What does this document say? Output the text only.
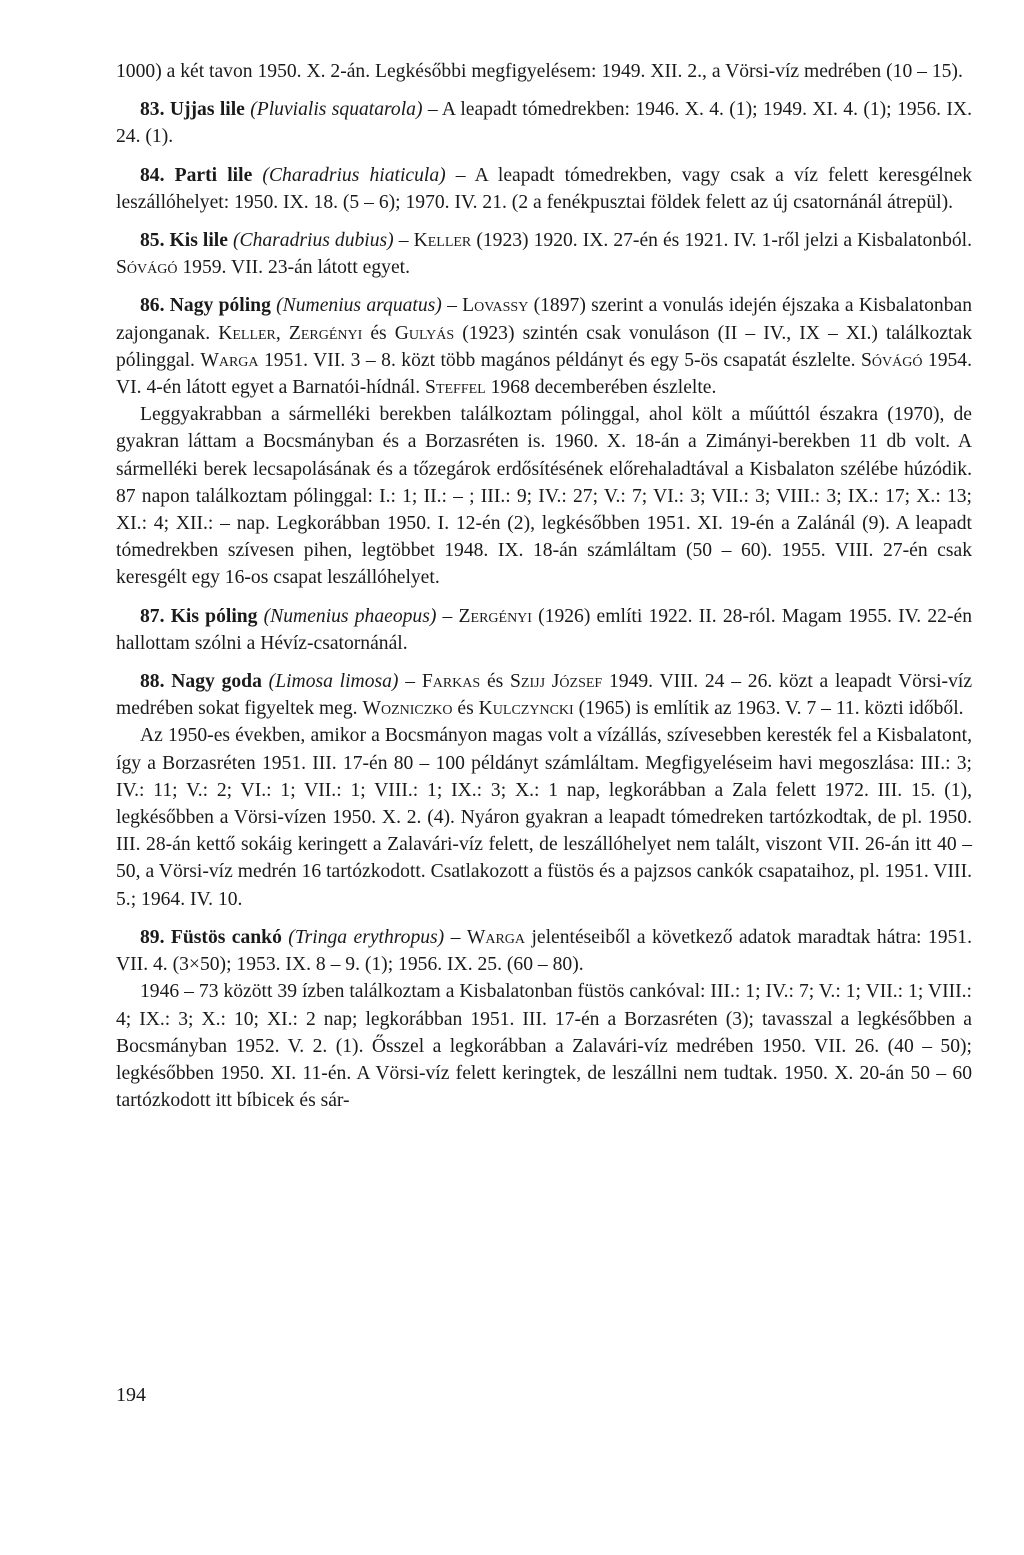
1000) a két tavon 1950. X. 2-án. Legkésőbbi megfigyelésem: 1949. XII. 2., a Vörsi-víz medrében (10 – 15).

83. Ujjas lile (Pluvialis squatarola) – A leapadt tómedrekben: 1946. X. 4. (1); 1949. XI. 4. (1); 1956. IX. 24. (1).

84. Parti lile (Charadrius hiaticula) – A leapadt tómedrekben, vagy csak a víz felett keresgélnek leszállóhelyet: 1950. IX. 18. (5 – 6); 1970. IV. 21. (2 a fenékpusztai földek felett az új csatornánál átrepül).

85. Kis lile (Charadrius dubius) – Keller (1923) 1920. IX. 27-én és 1921. IV. 1-ről jelzi a Kisbalatonból. Sóvágó 1959. VII. 23-án látott egyet.

86. Nagy póling (Numenius arquatus) – Lovassy (1897) szerint a vonulás idején éjszaka a Kisbalatonban zajonganak. Keller, Zergényi és Gulyás (1923) szintén csak vonuláson (II – IV., IX – XI.) találkoztak pólinggal. Warga 1951. VII. 3 – 8. közt több magános példányt és egy 5-ös csapatát észlelte. Sóvágó 1954. VI. 4-én látott egyet a Barnatói-hídnál. Steffel 1968 decemberében észlelte.

Leggyakrabban a sármelléki berekben találkoztam pólinggal, ahol költ a műúttól északra (1970), de gyakran láttam a Bocsmányban és a Borzasréten is. 1960. X. 18-án a Zimányi-berekben 11 db volt. A sármelléki berek lecsapolásának és a tőzegárok erdősítésének előrehaladtával a Kisbalaton szélébe húzódik. 87 napon találkoztam pólinggal: I.: 1; II.: – ; III.: 9; IV.: 27; V.: 7; VI.: 3; VII.: 3; VIII.: 3; IX.: 17; X.: 13; XI.: 4; XII.: – nap. Legkorábban 1950. I. 12-én (2), legkésőbben 1951. XI. 19-én a Zalánál (9). A leapadt tómedrekben szívesen pihen, legtöbbet 1948. IX. 18-án számláltam (50 – 60). 1955. VIII. 27-én csak keresgélt egy 16-os csapat leszállóhelyet.

87. Kis póling (Numenius phaeopus) – Zergényi (1926) említi 1922. II. 28-ról. Magam 1955. IV. 22-én hallottam szólni a Hévíz-csatornánál.

88. Nagy goda (Limosa limosa) – Farkas és Szijj József 1949. VIII. 24 – 26. közt a leapadt Vörsi-víz medrében sokat figyeltek meg. Wozniczko és Kulczyncki (1965) is említik az 1963. V. 7 – 11. közti időből.

Az 1950-es években, amikor a Bocsmányon magas volt a vízállás, szívesebben keresték fel a Kisbalatont, így a Borzasréten 1951. III. 17-én 80 – 100 példányt számláltam. Megfigyeléseim havi megoszlása: III.: 3; IV.: 11; V.: 2; VI.: 1; VII.: 1; VIII.: 1; IX.: 3; X.: 1 nap, legkorábban a Zala felett 1972. III. 15. (1), legkésőbben a Vörsi-vízen 1950. X. 2. (4). Nyáron gyakran a leapadt tómedreken tartózkodtak, de pl. 1950. III. 28-án kettő sokáig keringett a Zalavári-víz felett, de leszállóhelyet nem talált, viszont VII. 26-án itt 40 – 50, a Vörsi-víz medrén 16 tartózkodott. Csatlakozott a füstös és a pajzsos cankók csapataihoz, pl. 1951. VIII. 5.; 1964. IV. 10.

89. Füstös cankó (Tringa erythropus) – Warga jelentéseiből a következő adatok maradtak hátra: 1951. VII. 4. (3×50); 1953. IX. 8 – 9. (1); 1956. IX. 25. (60 – 80).

1946 – 73 között 39 ízben találkoztam a Kisbalatonban füstös cankóval: III.: 1; IV.: 7; V.: 1; VII.: 1; VIII.: 4; IX.: 3; X.: 10; XI.: 2 nap; legkorábban 1951. III. 17-én a Borzasréten (3); tavasszal a legkésőbben a Bocsmányban 1952. V. 2. (1). Ősszel a legkorábban a Zalavári-víz medrében 1950. VII. 26. (40 – 50); legkésőbben 1950. XI. 11-én. A Vörsi-víz felett keringtek, de leszállni nem tudtak. 1950. X. 20-án 50 – 60 tartózkodott itt bíbicek és sár-

194
